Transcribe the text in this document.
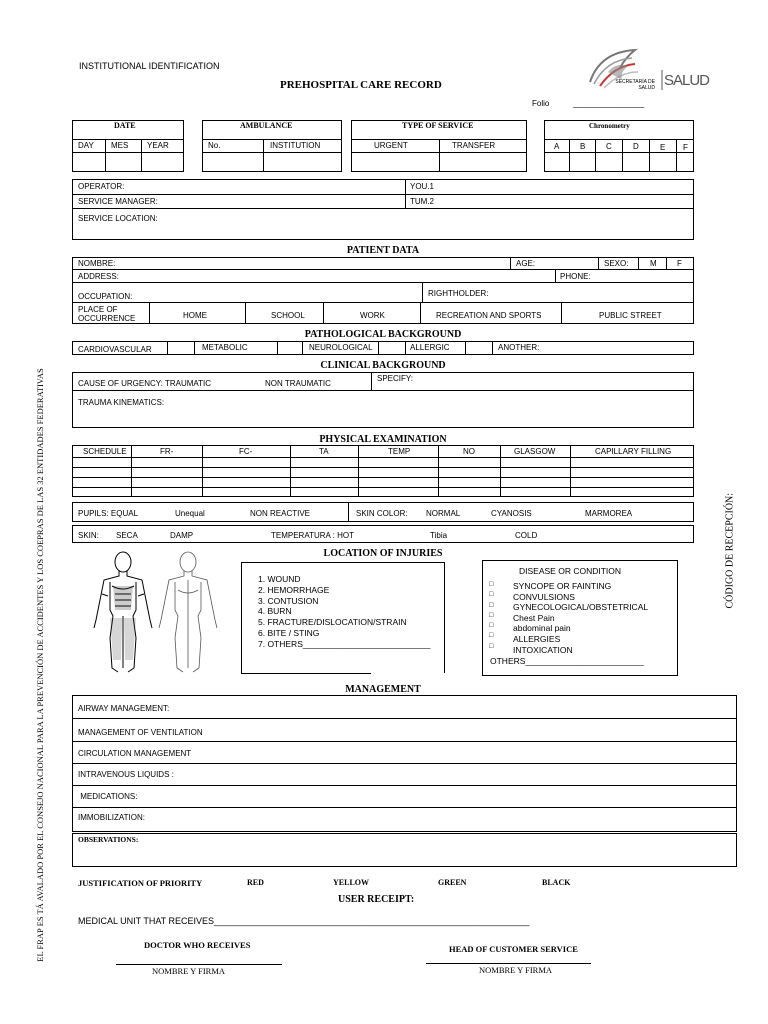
INSTITUTIONAL IDENTIFICATION
PREHOSPITAL CARE RECORD
Folio	________________
SECRETARÍA DE SALUD SALUD
DATE
DAY MES YEAR
AMBULANCE
No.	INSTITUTION
TYPE OF SERVICE
URGENT	TRANSFER
Chronometry
A	B	C	D	E F
OPERATOR:	YOU.1
SERVICE MANAGER:	TUM.2
SERVICE LOCATION:
PATIENT DATA
NOMBRE:	AGE:	SEXO:	M	F
ADDRESS:	PHONE:
OCCUPATION:	RIGHTHOLDER:
PLACE OF OCCURRENCE	HOME	SCHOOL	WORK	RECREATION AND SPORTS	PUBLIC STREET
PATHOLOGICAL BACKGROUND
CARDIOVASCULAR	METABOLIC	NEUROLOGICAL	ALLERGIC	ANOTHER:
CLINICAL BACKGROUND
CAUSE OF URGENCY: TRAUMATIC	NON TRAUMATIC
SPECIFY:
TRAUMA KINEMATICS:
PHYSICAL EXAMINATION
SCHEDULE	FR-	FC-	TA	TEMP	NO	GLASGOW	CAPILLARY FILLING
PUPILS: EQUAL	Unequal	NON REACTIVE	SKIN COLOR: NORMAL	CYANOSIS	MARMOREA
SKIN: SECA	DAMP	TEMPERATURA : HOT	Tibia	COLD
LOCATION OF INJURIES
1. WOUND
2. HEMORRHAGE
3. CONTUSION
4. BURN
5. FRACTURE/DISLOCATION/STRAIN
6. BITE / STING
7. OTHERS___________________________
DISEASE OR CONDITION
□
□
□
□
□
□
□
SYNCOPE OR FAINTING
CONVULSIONS
GYNECOLOGICAL/OBSTETRICAL
Chest Pain
abdominal pain
ALLERGIES
INTOXICATION
OTHERS_________________________
MANAGEMENT
AIRWAY MANAGEMENT:
MANAGEMENT OF VENTILATION
CIRCULATION MANAGEMENT
INTRAVENOUS LIQUIDS :
MEDICATIONS:
IMMOBILIZATION:
OBSERVATIONS:
JUSTIFICATION OF PRIORITY	RED	YELLOW	GREEN	BLACK
USER RECEIPT:
MEDICAL UNIT THAT RECEIVES_______________________________________________________________
DOCTOR WHO RECEIVES	HEAD OF CUSTOMER SERVICE
NOMBRE Y FIRMA	NOMBRE Y FIRMA
EL FRAP ES TÁ AVALADO POR EL CONSEJO NACIONAL PARA LA PREVENCIÓN DE ACCIDENTES Y LOS COEPRAS DE LAS 32 ENTIDADES FEDERATIVAS	CÓDIGO DE RECEPCIÓN:
